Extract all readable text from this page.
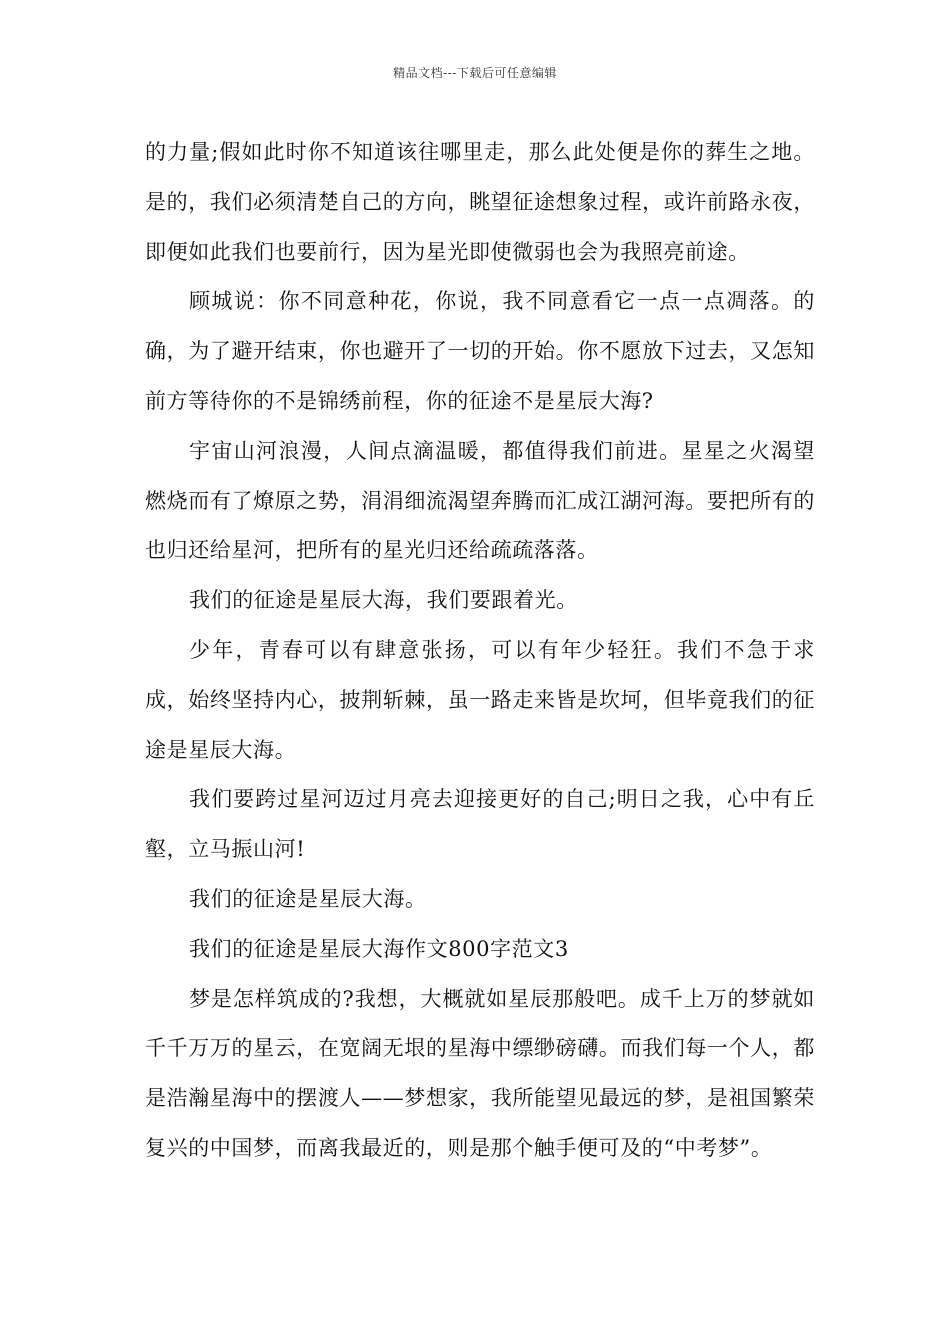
精品文档---下载后可任意编辑

的力量;假如此时你不知道该往哪里走，那么此处便是你的葬生之地。是的，我们必须清楚自己的方向，眺望征途想象过程，或许前路永夜，即便如此我们也要前行，因为星光即使微弱也会为我照亮前途。

顾城说：你不同意种花，你说，我不同意看它一点一点凋落。的确，为了避开结束，你也避开了一切的开始。你不愿放下过去，又怎知前方等待你的不是锦绣前程，你的征途不是星辰大海?

宇宙山河浪漫，人间点滴温暖，都值得我们前进。星星之火渴望燃烧而有了燎原之势，涓涓细流渴望奔腾而汇成江湖河海。要把所有的也归还给星河，把所有的星光归还给疏疏落落。

我们的征途是星辰大海，我们要跟着光。

少年，青春可以有肆意张扬，可以有年少轻狂。我们不急于求成，始终坚持内心，披荆斩棘，虽一路走来皆是坎坷，但毕竟我们的征途是星辰大海。

我们要跨过星河迈过月亮去迎接更好的自己;明日之我，心中有丘壑，立马振山河!

我们的征途是星辰大海。

我们的征途是星辰大海作文800字范文3

梦是怎样筑成的?我想，大概就如星辰那般吧。成千上万的梦就如千千万万的星云，在宽阔无垠的星海中缥缈磅礴。而我们每一个人，都是浩瀚星海中的摆渡人——梦想家，我所能望见最远的梦，是祖国繁荣复兴的中国梦，而离我最近的，则是那个触手便可及的“中考梦”。
